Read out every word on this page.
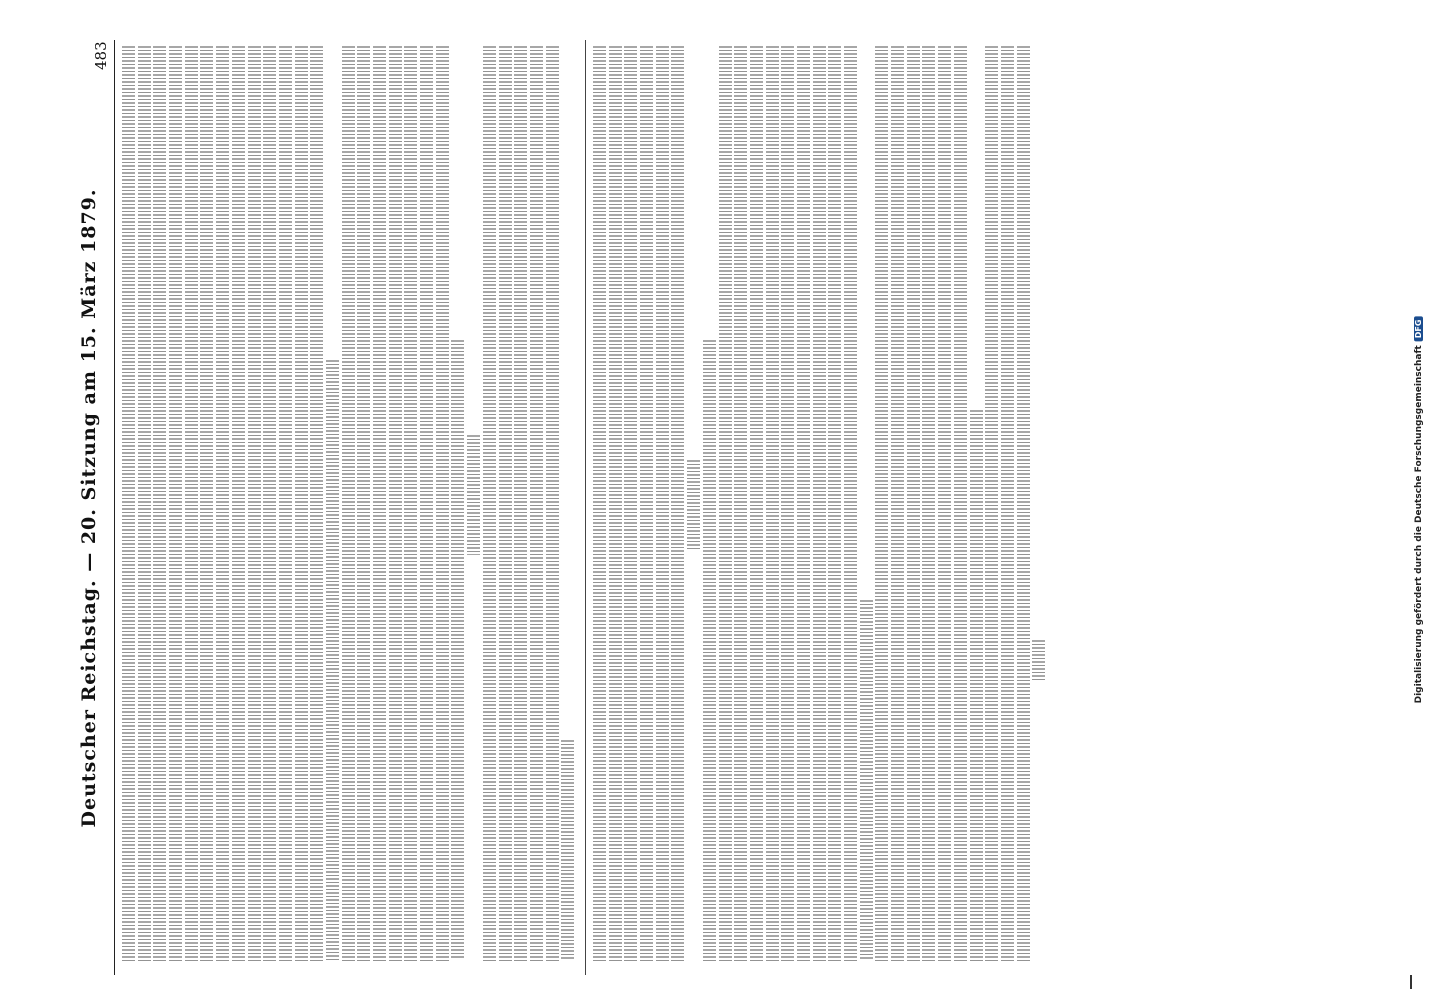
Deutscher Reichstag. — 20. Sitzung am 15. März 1879.
483
Digitalisierung gefördert durch die Deutsche ForschungsgemeinschaftDFG
